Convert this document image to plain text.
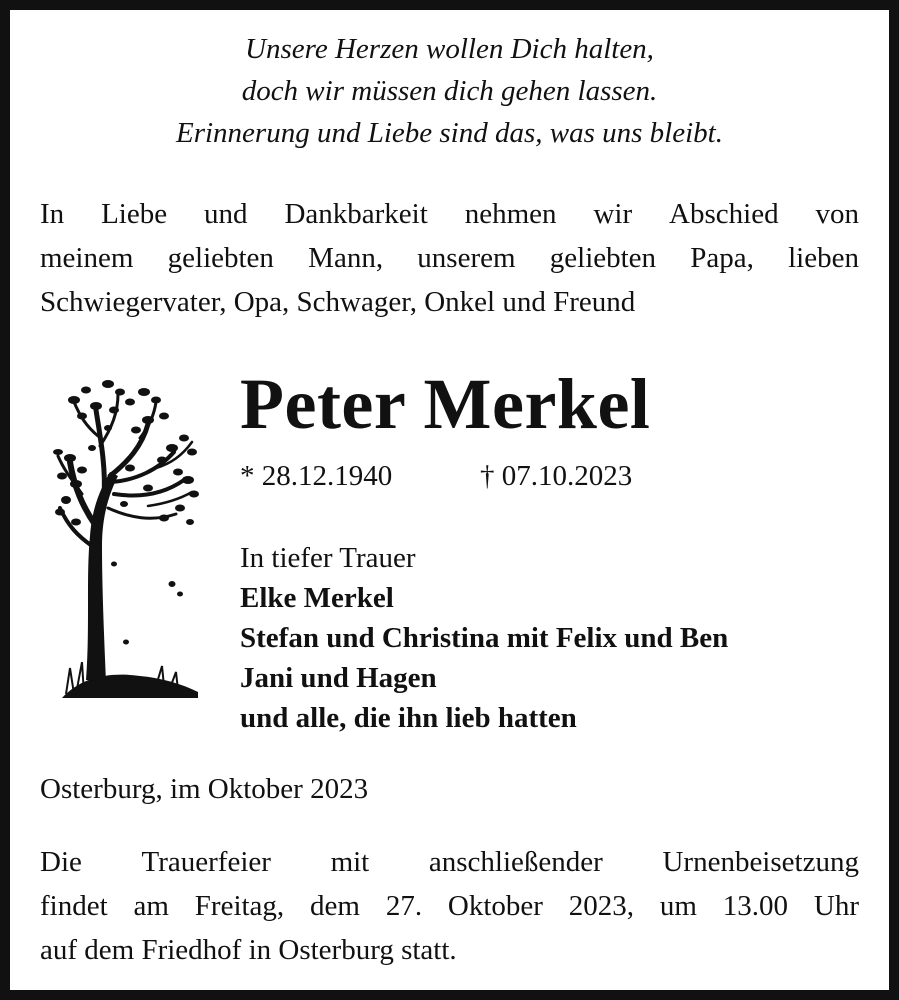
Unsere Herzen wollen Dich halten,
doch wir müssen dich gehen lassen.
Erinnerung und Liebe sind das, was uns bleibt.
In Liebe und Dankbarkeit nehmen wir Abschied von
meinem geliebten Mann, unserem geliebten Papa, lieben
Schwiegervater, Opa, Schwager, Onkel und Freund
Peter Merkel
* 28.12.1940	† 07.10.2023
In tiefer Trauer
Elke Merkel
Stefan und Christina mit Felix und Ben
Jani und Hagen
und alle, die ihn lieb hatten
Osterburg, im Oktober 2023
Die Trauerfeier mit anschließender Urnenbeisetzung
findet am Freitag, dem 27. Oktober 2023, um 13.00 Uhr
auf dem Friedhof in Osterburg statt.
